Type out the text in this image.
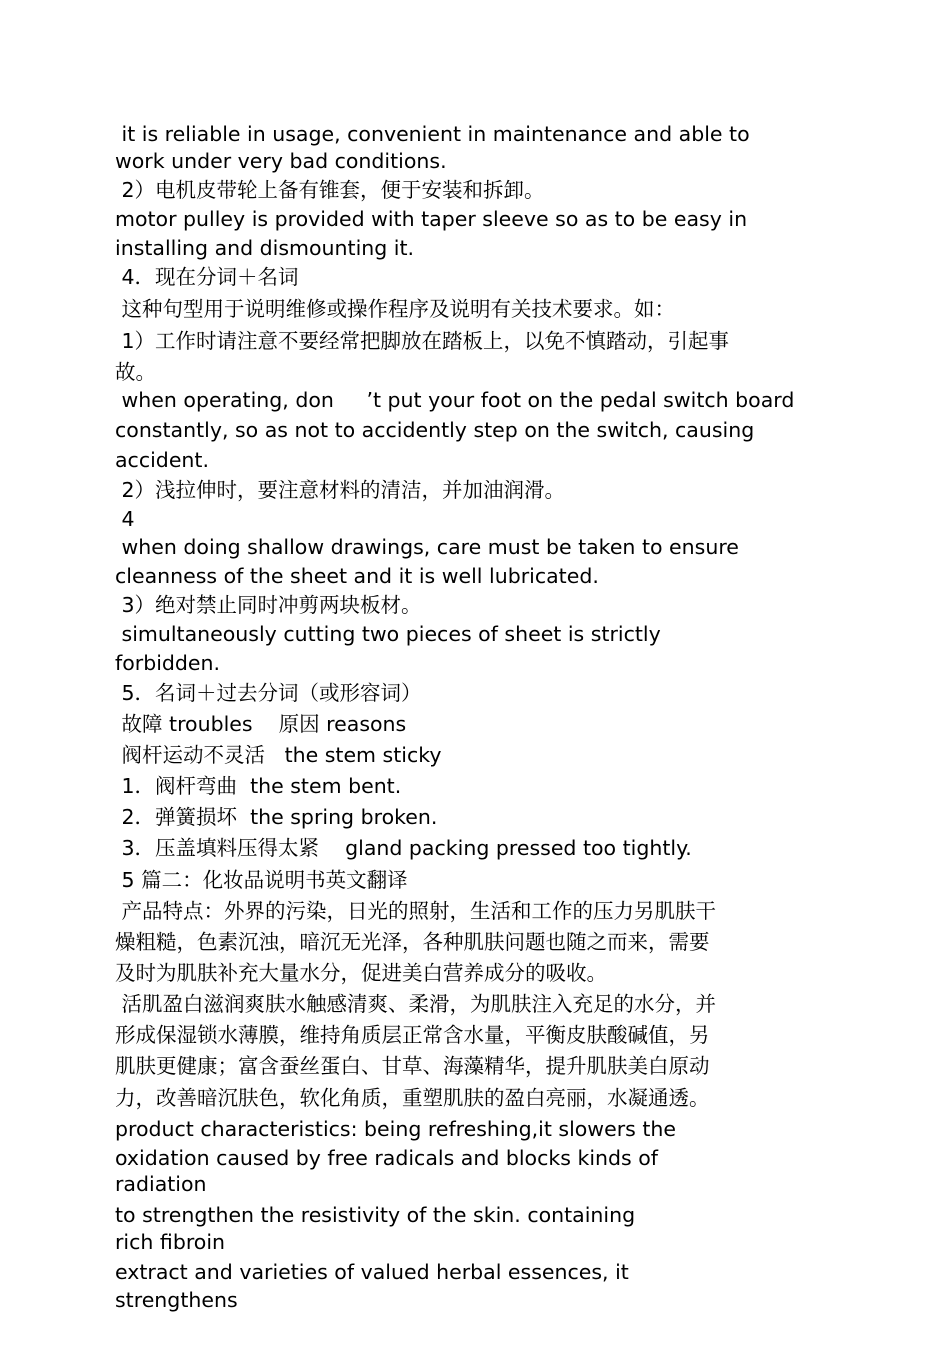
it is reliable in usage, convenient in maintenance and able to

work under very bad conditions.

2）电机皮带轮上备有锥套，便于安装和拆卸。

motor pulley is provided with taper sleeve so as to be easy in

installing and dismounting it.

4．现在分词＋名词

这种句型用于说明维修或操作程序及说明有关技术要求。如：

1）工作时请注意不要经常把脚放在踏板上，以免不慎踏动，引起事

故。

when operating, don     ’t put your foot on the pedal switch board

constantly, so as not to accidently step on the switch, causing

accident.

2）浅拉伸时，要注意材料的清洁，并加油润滑。

4

when doing shallow drawings, care must be taken to ensure

cleanness of the sheet and it is well lubricated.

3）绝对禁止同时冲剪两块板材。

simultaneously cutting two pieces of sheet is strictly

forbidden.

5．名词＋过去分词（或形容词）

故障 troubles    原因 reasons

阀杆运动不灵活   the stem sticky

1．阀杆弯曲  the stem bent.

2．弹簧损坏  the spring broken.

3．压盖填料压得太紧    gland packing pressed too tightly.

5 篇二：化妆品说明书英文翻译

产品特点：外界的污染，日光的照射，生活和工作的压力另肌肤干

燥粗糙，色素沉浊，暗沉无光泽，各种肌肤问题也随之而来，需要

及时为肌肤补充大量水分，促进美白营养成分的吸收。

活肌盈白滋润爽肤水触感清爽、柔滑，为肌肤注入充足的水分，并

形成保湿锁水薄膜，维持角质层正常含水量，平衡皮肤酸碱值，另

肌肤更健康；富含蚕丝蛋白、甘草、海藻精华，提升肌肤美白原动

力，改善暗沉肤色，软化角质，重塑肌肤的盈白亮丽，水凝通透。

product characteristics: being refreshing,it slowers the

oxidation caused by free radicals and blocks kinds of

radiation

to strengthen the resistivity of the skin. containing

rich fibroin

extract and varieties of valued herbal essences, it

strengthens
